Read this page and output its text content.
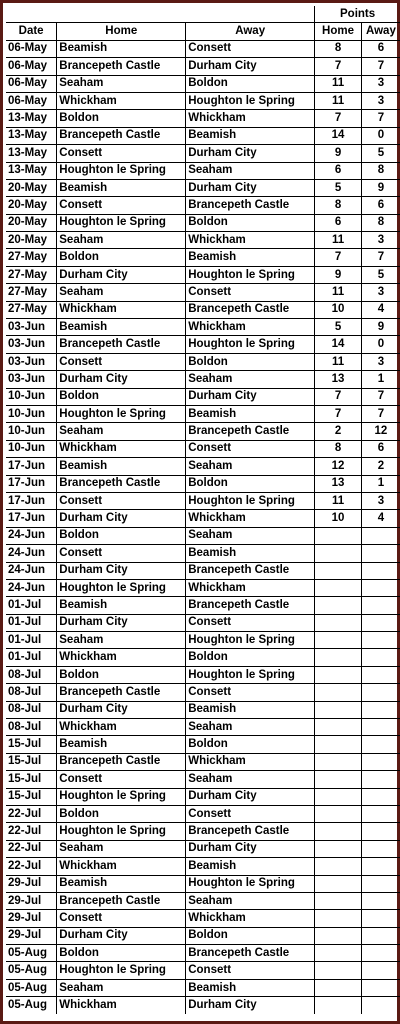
			Points	
Date	Home	Away	Home	Away
06-May	Beamish	Consett	8	6
06-May	Brancepeth Castle	Durham City	7	7
06-May	Seaham	Boldon	11	3
06-May	Whickham	Houghton le Spring	11	3
13-May	Boldon	Whickham	7	7
13-May	Brancepeth Castle	Beamish	14	0
13-May	Consett	Durham City	9	5
13-May	Houghton le Spring	Seaham	6	8
20-May	Beamish	Durham City	5	9
20-May	Consett	Brancepeth Castle	8	6
20-May	Houghton le Spring	Boldon	6	8
20-May	Seaham	Whickham	11	3
27-May	Boldon	Beamish	7	7
27-May	Durham City	Houghton le Spring	9	5
27-May	Seaham	Consett	11	3
27-May	Whickham	Brancepeth Castle	10	4
03-Jun	Beamish	Whickham	5	9
03-Jun	Brancepeth Castle	Houghton le Spring	14	0
03-Jun	Consett	Boldon	11	3
03-Jun	Durham City	Seaham	13	1
10-Jun	Boldon	Durham City	7	7
10-Jun	Houghton le Spring	Beamish	7	7
10-Jun	Seaham	Brancepeth Castle	2	12
10-Jun	Whickham	Consett	8	6
17-Jun	Beamish	Seaham	12	2
17-Jun	Brancepeth Castle	Boldon	13	1
17-Jun	Consett	Houghton le Spring	11	3
17-Jun	Durham City	Whickham	10	4
24-Jun	Boldon	Seaham		
24-Jun	Consett	Beamish		
24-Jun	Durham City	Brancepeth Castle		
24-Jun	Houghton le Spring	Whickham		
01-Jul	Beamish	Brancepeth Castle		
01-Jul	Durham City	Consett		
01-Jul	Seaham	Houghton le Spring		
01-Jul	Whickham	Boldon		
08-Jul	Boldon	Houghton le Spring		
08-Jul	Brancepeth Castle	Consett		
08-Jul	Durham City	Beamish		
08-Jul	Whickham	Seaham		
15-Jul	Beamish	Boldon		
15-Jul	Brancepeth Castle	Whickham		
15-Jul	Consett	Seaham		
15-Jul	Houghton le Spring	Durham City		
22-Jul	Boldon	Consett		
22-Jul	Houghton le Spring	Brancepeth Castle		
22-Jul	Seaham	Durham City		
22-Jul	Whickham	Beamish		
29-Jul	Beamish	Houghton le Spring		
29-Jul	Brancepeth Castle	Seaham		
29-Jul	Consett	Whickham		
29-Jul	Durham City	Boldon		
05-Aug	Boldon	Brancepeth Castle		
05-Aug	Houghton le Spring	Consett		
05-Aug	Seaham	Beamish		
05-Aug	Whickham	Durham City		
